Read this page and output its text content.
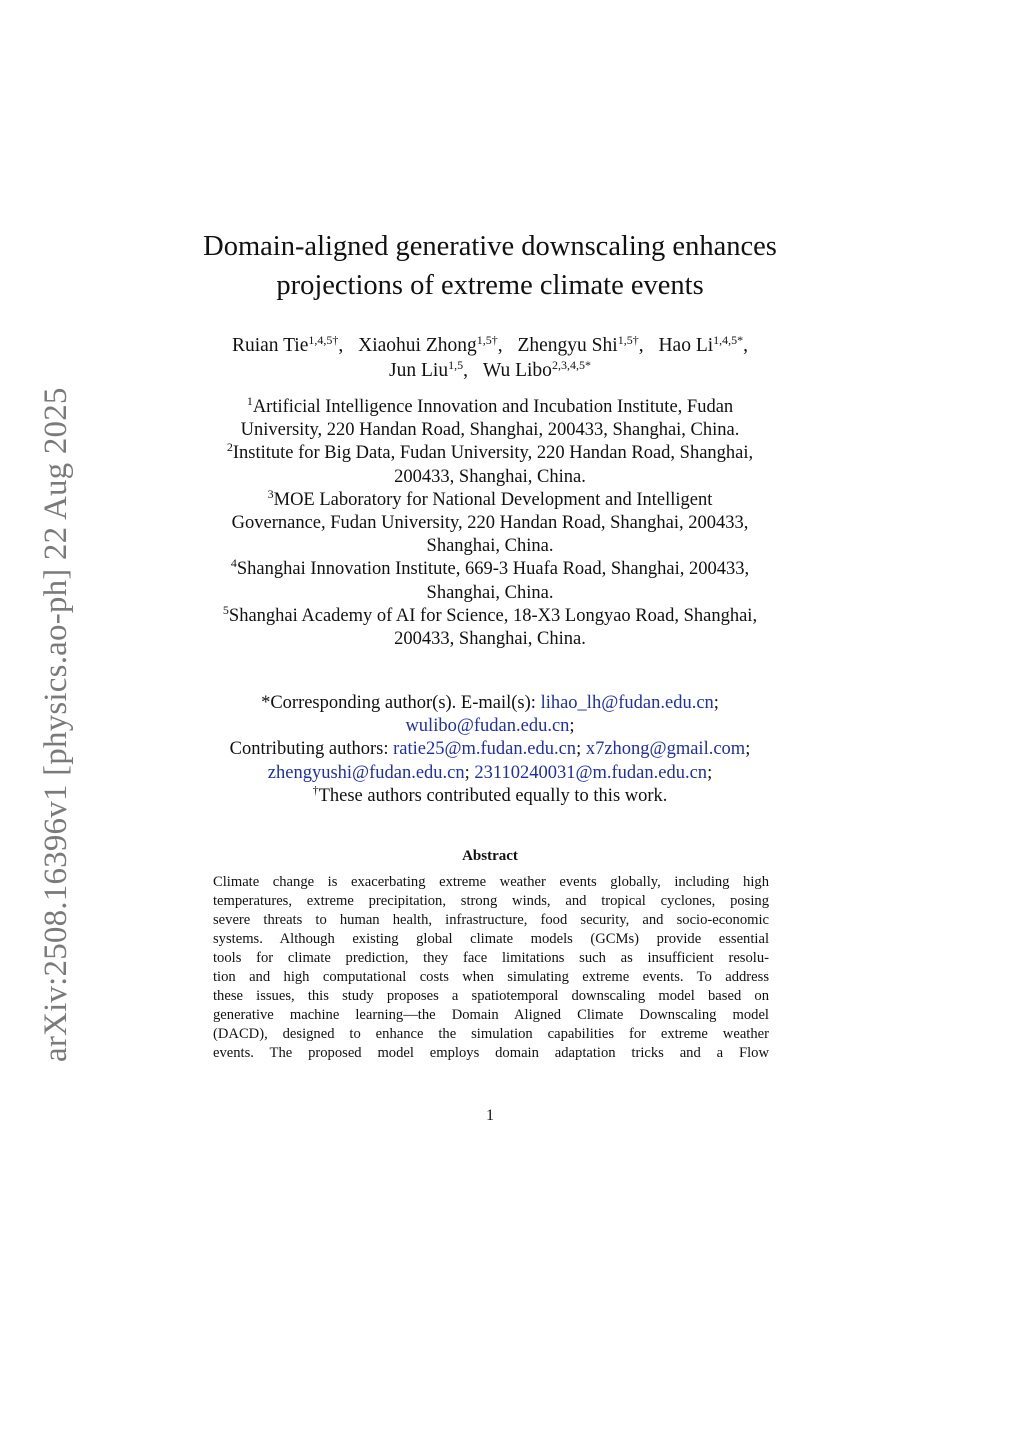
arXiv:2508.16396v1 [physics.ao-ph] 22 Aug 2025
Domain-aligned generative downscaling enhances
projections of extreme climate events
Ruian Tie$^{1,4,5\dagger}$, Xiaohui Zhong$^{1,5\dagger}$, Zhengyu Shi$^{1,5\dagger}$, Hao $Li^{1,4,5*}$,
Jun Liu$^{1,5}$, Wu Libo$^{2,3,4,5*}$
$^1$Artificial Intelligence Innovation and Incubation Institute, Fudan
University, 220 Handan Road, Shanghai, 200433, Shanghai, China.
$^2$Institute for Big Data, Fudan University, 220 Handan Road, Shanghai,
200433, Shanghai, China.
$^3$MOE Laboratory for National Development and Intelligent
Governance, Fudan University, 220 Handan Road, Shanghai, 200433,
Shanghai, China.
$^4$Shanghai Innovation Institute, 669-3 Huafa Road, Shanghai, 200433,
Shanghai, China.
$^5$Shanghai Academy of AI for Science, 18-X3 Longyao Road, Shanghai,
200433, Shanghai, China.
*Corresponding author(s). E-mail(s): lihao_lh@fudan.edu.cn;
wulibo@fudan.edu.cn;
Contributing authors: ratie25@m.fudan.edu.cn; x7zhong@gmail.com;
zhengyushi@fudan.edu.cn; 23110240031@m.fudan.edu.cn;
†These authors contributed equally to this work.
Abstract
Climate change is exacerbating extreme weather events globally, including high
temperatures, extreme precipitation, strong winds, and tropical cyclones, posing
severe threats to human health, infrastructure, food security, and socio-economic
systems. Although existing global climate models (GCMs) provide essential
tools for climate prediction, they face limitations such as insufficient resolu-
tion and high computational costs when simulating extreme events. To address
these issues, this study proposes a spatiotemporal downscaling model based on
generative machine learning—the Domain Aligned Climate Downscaling model
(DACD), designed to enhance the simulation capabilities for extreme weather
events. The proposed model employs domain adaptation tricks and a Flow
1
